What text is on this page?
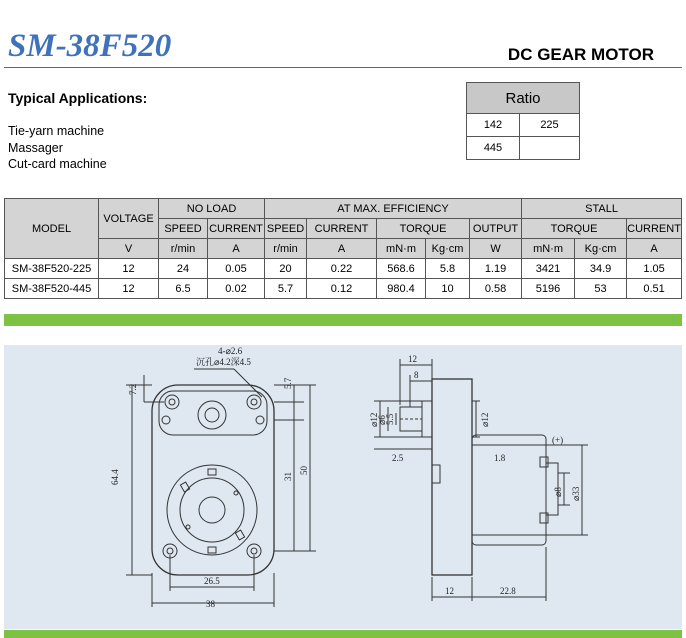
SM-38F520	DC GEAR MOTOR
Typical Applications:
Tie-yarn machine
Massager
Cut-card machine
Ratio	
142	225
445	
MODEL	VOLTAGE	NO LOAD		AT MAX. EFFICIENCY					STALL		
		SPEED	CURRENT	SPEED	CURRENT	TORQUE		OUTPUT	TORQUE		CURRENT
	V	r/min	A	r/min	A	mN·m	Kg·cm	W	mN·m	Kg·cm	A
SM-38F520-225	12	24	0.05	20	0.22	568.6	5.8	1.19	3421	34.9	1.05
SM-38F520-445	12	6.5	0.02	5.7	0.12	980.4	10	0.58	5196	53	0.51
4-⌀2.6
沉孔⌀4.2深4.5
7.2
64.4
5.7
31
50
26.5
38
12
8
⌀12
⌀6
5.5	⌀12
2.5	1.8
(+)
⌀8 ⌀33
12	22.8
